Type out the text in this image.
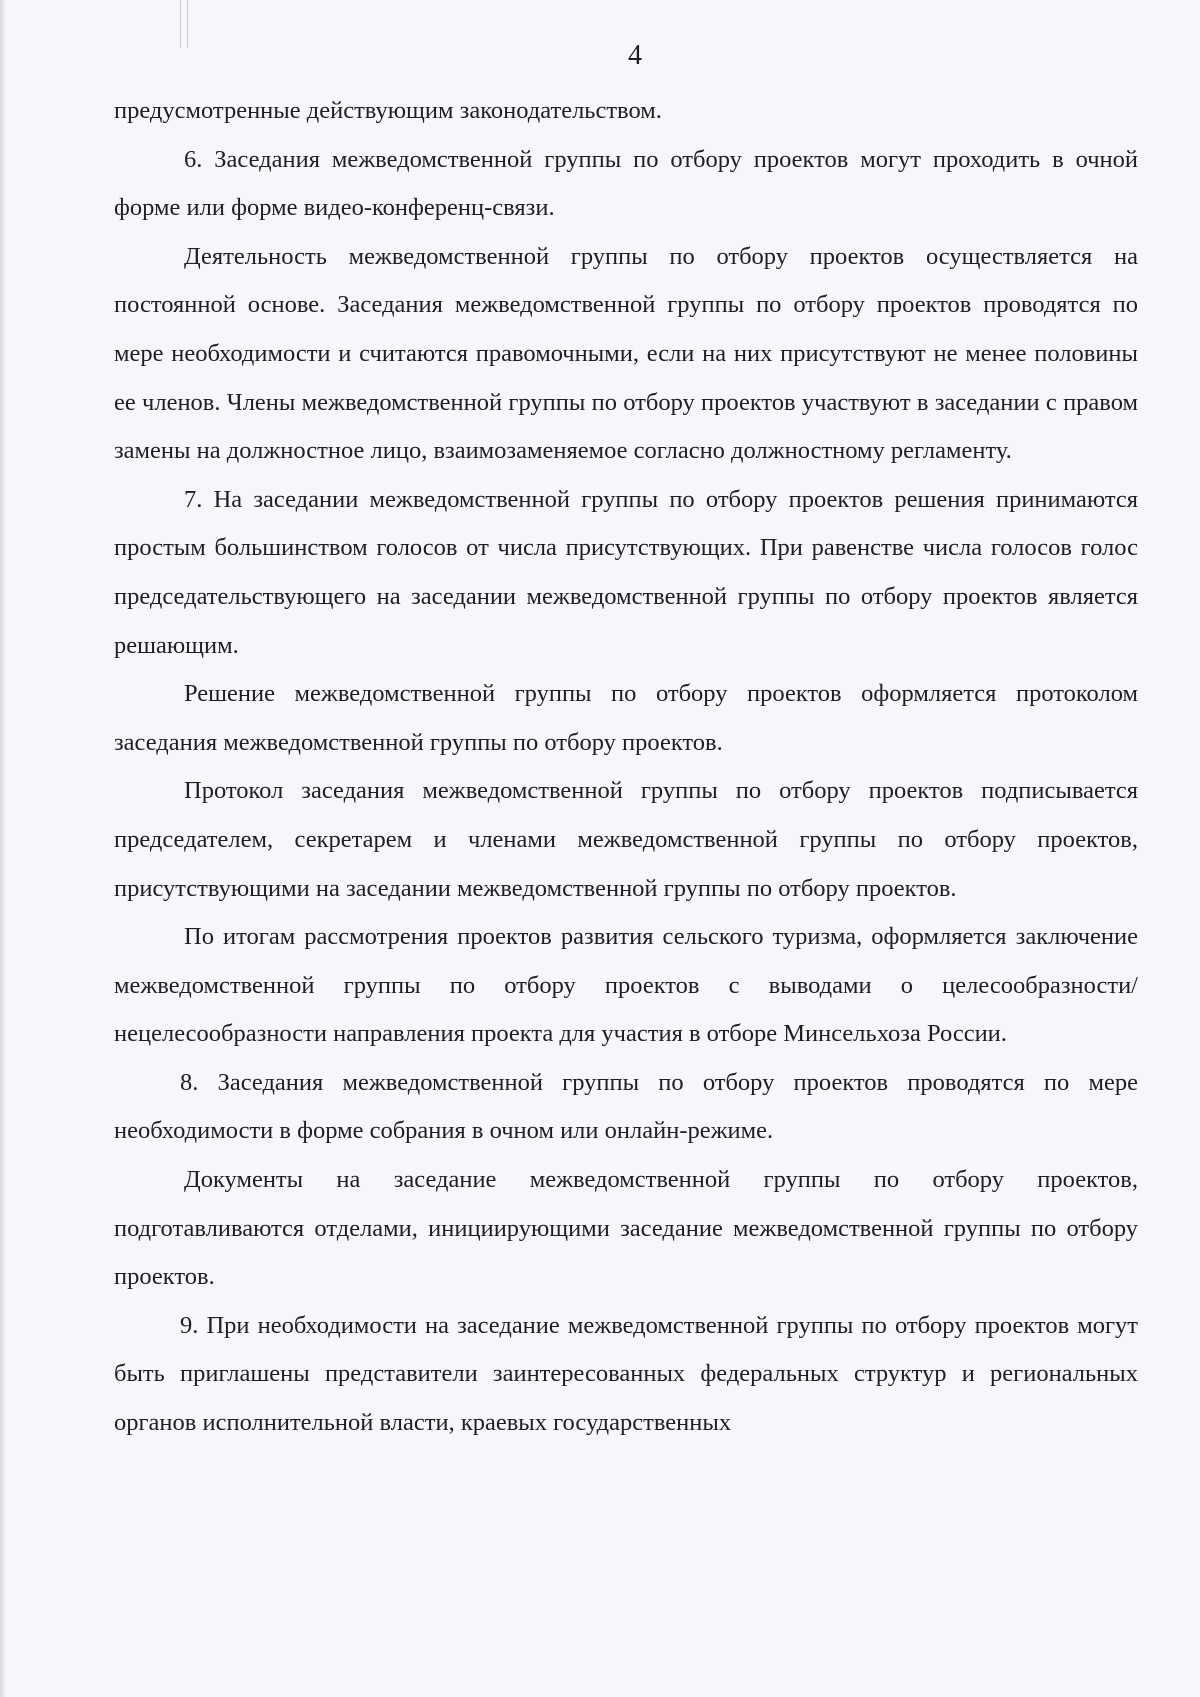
4

предусмотренные действующим законодательством.

6. Заседания межведомственной группы по отбору проектов могут проходить в очной форме или форме видео-конференц-связи.

Деятельность межведомственной группы по отбору проектов осуществляется на постоянной основе. Заседания межведомственной группы по отбору проектов проводятся по мере необходимости и считаются правомочными, если на них присутствуют не менее половины ее членов. Члены межведомственной группы по отбору проектов участвуют в заседании с правом замены на должностное лицо, взаимозаменяемое согласно должностному регламенту.

7. На заседании межведомственной группы по отбору проектов решения принимаются простым большинством голосов от числа присутствующих. При равенстве числа голосов голос председательствующего на заседании межведомственной группы по отбору проектов является решающим.

Решение межведомственной группы по отбору проектов оформляется протоколом заседания межведомственной группы по отбору проектов.

Протокол заседания межведомственной группы по отбору проектов подписывается председателем, секретарем и членами межведомственной группы по отбору проектов, присутствующими на заседании межведомственной группы по отбору проектов.

По итогам рассмотрения проектов развития сельского туризма, оформляется заключение межведомственной группы по отбору проектов с выводами о целесообразности/нецелесообразности направления проекта для участия в отборе Минсельхоза России.

8. Заседания межведомственной группы по отбору проектов проводятся по мере необходимости в форме собрания в очном или онлайн-режиме.

Документы на заседание межведомственной группы по отбору проектов, подготавливаются отделами, инициирующими заседание межведомственной группы по отбору проектов.

9. При необходимости на заседание межведомственной группы по отбору проектов могут быть приглашены представители заинтересованных федеральных структур и региональных органов исполнительной власти, краевых государственных
